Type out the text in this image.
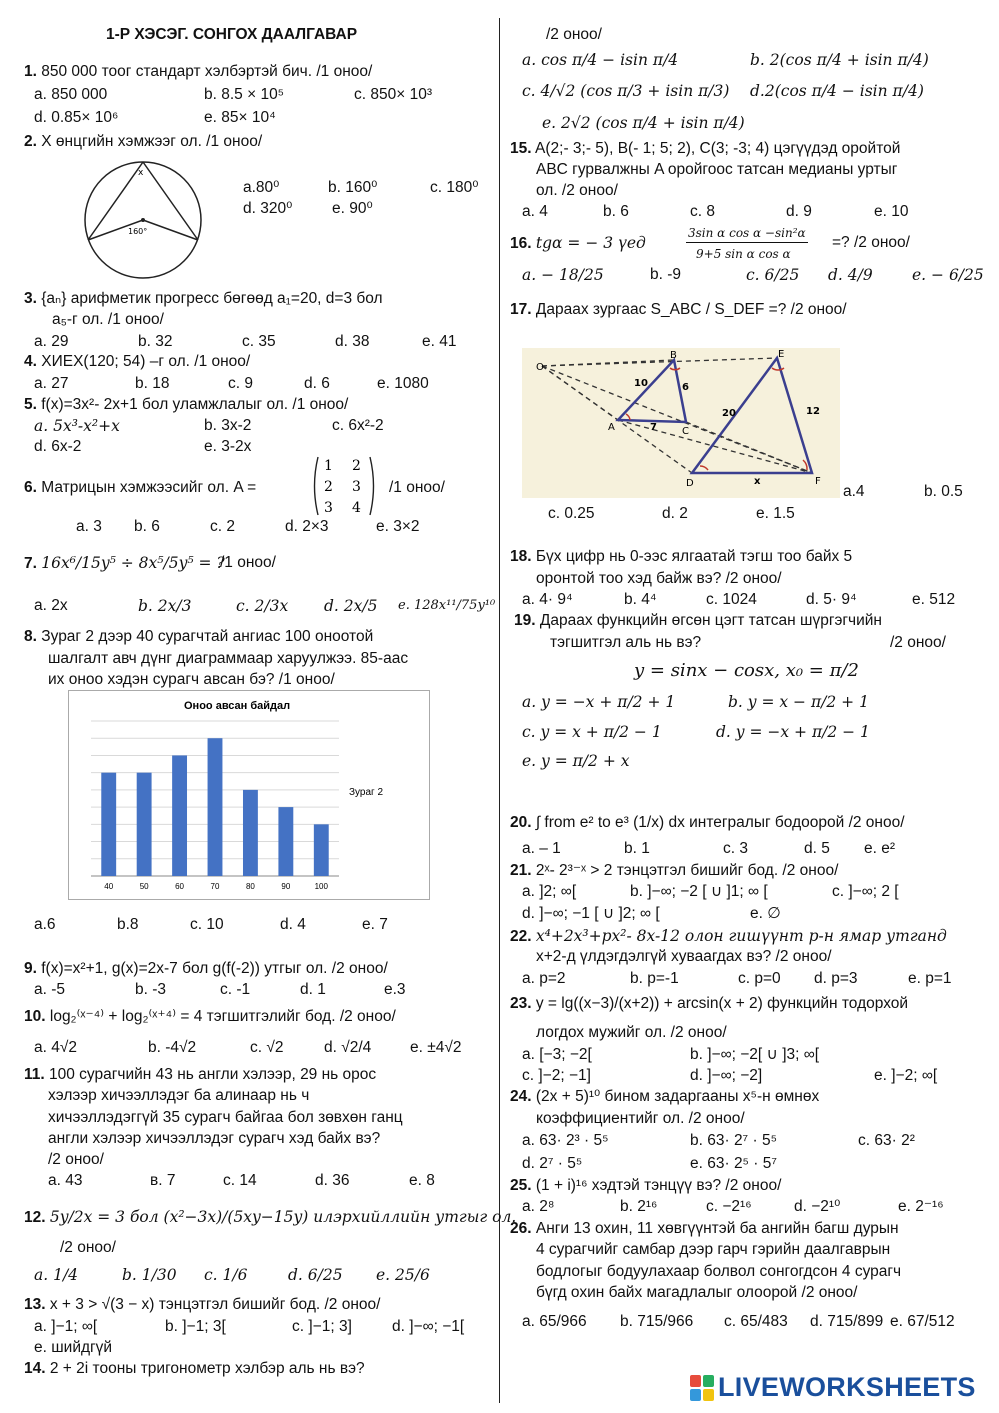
1-Р ХЭСЭГ. СОНГОХ ДААЛГАВАР
1. 850 000 тоог стандарт хэлбэртэй бич. /1 оноо/
a. 850 000	b. 8.5 × 10⁵	c. 850× 10³
d. 0.85× 10⁶	e. 85× 10⁴
2. X өнцгийн хэмжээг ол. /1 оноо/
x
160°
a.80⁰	b. 160⁰	c. 180⁰
d. 320⁰	e. 90⁰
3. {aₙ} арифметик прогресс бөгөөд a₁=20, d=3 бол
a₅-г ол. /1 оноо/
a. 29	b. 32	c. 35	d. 38	e. 41
4. ХИЕХ(120; 54) –г ол. /1 оноо/
a. 27	b. 18	c. 9	d. 6	e. 1080
5. f(x)=3x²- 2x+1 бол уламжлалыг ол. /1 оноо/
a. 5x³-x²+x	b. 3x-2	c. 6x²-2
d. 6x-2	e. 3-2x
6. Матрицын хэмжээсийг ол. A =
1 2
2 3
3 4
/1 оноо/
a. 3 b. 6	c. 2	d. 2×3	e. 3×2
7. 16x⁶/15y⁵ ÷ 8x⁵/5y⁵ = ?
/1 оноо/
a. 2x	b. 2x/3	c. 2/3x d. 2x/5 e. 128x¹¹/75y¹⁰
8. Зураг 2 дээр 40 сурагчтай ангиас 100 оноотой
шалгалт авч дүнг диаграммаар харуулжээ. 85-аас
их оноо хэдэн сурагч авсан бэ? /1 оноо/
Оноо авсан байдал
Зураг 2
40	50	60	70	80	90	100
a.6	b.8	c. 10	d. 4	e. 7
9. f(x)=x²+1, g(x)=2x-7 бол g(f(-2)) утгыг ол. /2 оноо/
a. -5	b. -3	c. -1	d. 1	e.3
10. log₂⁽ˣ⁻⁴⁾ + log₂⁽ˣ⁺⁴⁾ = 4 тэгшитгэлийг бод. /2 оноо/
a. 4√2	b. -4√2	c. √2	d. √2/4 e. ±4√2
11. 100 сурагчийн 43 нь англи хэлээр, 29 нь орос
хэлээр хичээллэдэг ба алинаар нь ч
хичээллэдэггүй 35 сурагч байгаа бол зөвхөн ганц
англи хэлээр хичээллэдэг сурагч хэд байх вэ?
/2 оноо/
a. 43	в. 7	c. 14	d. 36	e. 8
12. 5y/2x = 3 бол (x²−3x)/(5xy−15y) илэрхийллийн утгыг ол.
/2 оноо/
a. 1/4	b. 1/30 c. 1/6	d. 6/25 e. 25/6
13. x + 3 > √(3 − x) тэнцэтгэл бишийг бод. /2 оноо/
a. ]−1; ∞[	b. ]−1; 3[	c. ]−1; 3]	d. ]−∞; −1[
e. шийдгүй
14. 2 + 2i тооны тригонометр хэлбэр аль нь вэ?
/2 оноо/
a. cos π/4 − isin π/4	b. 2(cos π/4 + isin π/4)
c. 4/√2 (cos π/3 + isin π/3) d.2(cos π/4 − isin π/4)
e. 2√2 (cos π/4 + isin π/4)
15. A(2;- 3;- 5), B(- 1; 5; 2), C(3; -3; 4) цэгүүдэд оройтой
ABC гурвалжны A оройгоос татсан медианы уртыг
ол. /2 оноо/
a. 4	b. 6	c. 8	d. 9	e. 10
16. tgα = − 3 үед
3sin α cos α −sin²α
9+5 sin α cos α
=? /2 оноо/
a. − 18/25	b. -9	c. 6/25 d. 4/9	e. − 6/25
17. Дараах зургаас S_ABC / S_DEF =? /2 оноо/
O
A
B
C
D
E
F
10	6
7
20	12
x
a.4	b. 0.5
c. 0.25	d. 2	e. 1.5
18. Бүх цифр нь 0-ээс ялгаатай тэгш тоо байх 5
оронтой тоо хэд байж вэ? /2 оноо/
a. 4· 9⁴	b. 4⁴	c. 1024	d. 5· 9⁴	e. 512
19. Дараах функцийн өгсөн цэгт татсан шүргэгчийн
тэгшитгэл аль нь вэ?	/2 оноо/
y = sinx − cosx, x₀ = π/2
a. y = −x + π/2 + 1	b. y = x − π/2 + 1
c. y = x + π/2 − 1	d. y = −x + π/2 − 1
e. y = π/2 + x
20. ∫ from e² to e³ (1/x) dx интегралыг бодоорой /2 оноо/
a. – 1	b. 1	c. 3	d. 5 e. e²
21. 2ˣ- 2³⁻ˣ > 2 тэнцэтгэл бишийг бод. /2 оноо/
a. ]2; ∞[	b. ]−∞; −2 [ ∪ ]1; ∞ [	c. ]−∞; 2 [
d. ]−∞; −1 [ ∪ ]2; ∞ [	e. ∅
22. x⁴+2x³+px²- 8x-12 олон гишүүнт p-н ямар утганд
x+2-д үлдэгдэлгүй хуваагдах вэ? /2 оноо/
a. p=2	b. p=-1	c. p=0 d. p=3	e. p=1
23. y = lg((x−3)/(x+2)) + arcsin(x + 2) функцийн тодорхой
логдох мужийг ол. /2 оноо/
a. [−3; −2[	b. ]−∞; −2[ ∪ ]3; ∞[
c. ]−2; −1]	d. ]−∞; −2]	e. ]−2; ∞[
24. (2x + 5)¹⁰ бином задаргааны x⁵-н өмнөх
коэффициентийг ол. /2 оноо/
a. 63· 2³ · 5⁵	b. 63· 2⁷ · 5⁵	c. 63· 2²
d. 2⁷ · 5⁵	e. 63· 2⁵ · 5⁷
25. (1 + i)¹⁶ хэдтэй тэнцүү вэ? /2 оноо/
a. 2⁸	b. 2¹⁶	c. −2¹⁶	d. −2¹⁰	e. 2⁻¹⁶
26. Анги 13 охин, 11 хөвгүүнтэй ба ангийн багш дурын
4 сурагчийг самбар дээр гарч гэрийн даалгаврын
бодлогыг бодуулахаар болвол сонгогдсон 4 сурагч
бүгд охин байх магадлалыг олоорой /2 оноо/
a. 65/966 b. 715/966 c. 65/483 d. 715/899 e. 67/512
LIVEWORKSHEETS
